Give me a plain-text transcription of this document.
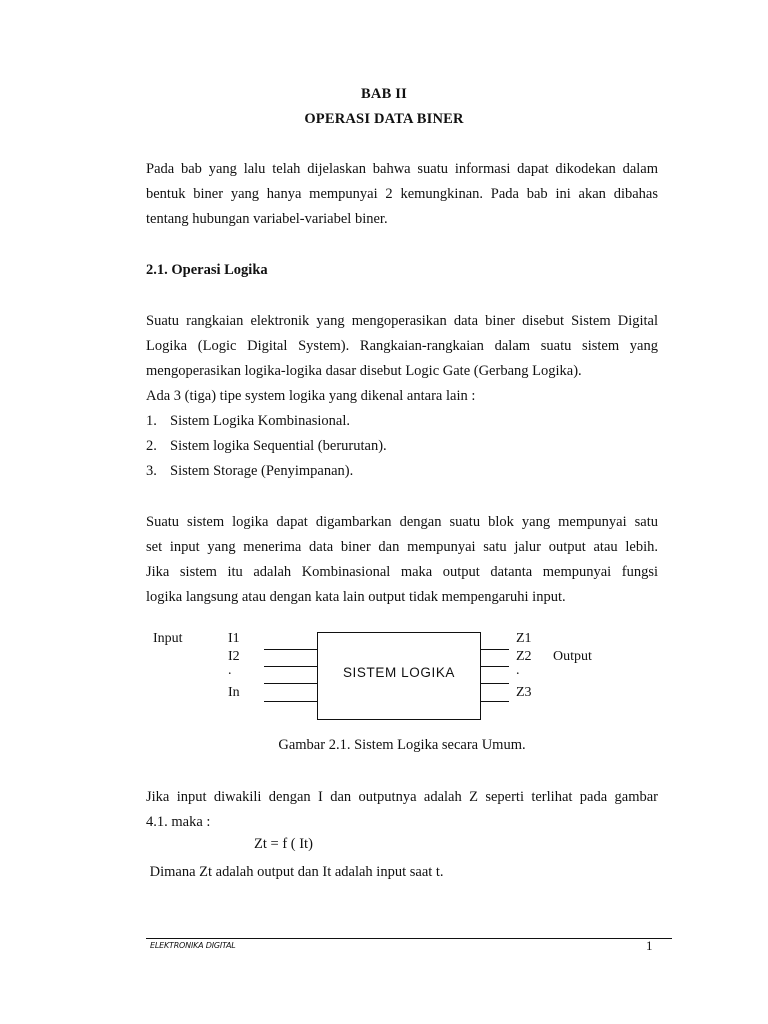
BAB II
OPERASI DATA BINER
Pada bab yang lalu telah dijelaskan bahwa suatu informasi dapat dikodekan dalam
bentuk biner yang hanya mempunyai 2 kemungkinan. Pada bab ini akan dibahas
tentang hubungan variabel-variabel biner.
2.1. Operasi Logika
Suatu rangkaian elektronik yang mengoperasikan data biner disebut Sistem Digital
Logika (Logic Digital System). Rangkaian-rangkaian dalam suatu sistem yang
mengoperasikan logika-logika dasar disebut Logic Gate (Gerbang Logika).
Ada 3 (tiga) tipe system logika yang dikenal antara lain :
1. Sistem Logika Kombinasional.
2. Sistem logika Sequential (berurutan).
3. Sistem Storage (Penyimpanan).
Suatu sistem logika dapat digambarkan dengan suatu blok yang mempunyai satu
set input yang menerima data biner dan mempunyai satu jalur output atau lebih.
Jika sistem itu adalah Kombinasional maka output datanta mempunyai fungsi
logika langsung atau dengan kata lain output tidak mempengaruhi input.
Input
Output
I1
I2
.
In
Z1
Z2
.
Z3
SISTEM LOGIKA
Gambar 2.1. Sistem Logika secara Umum.
Jika input diwakili dengan I dan outputnya adalah Z seperti terlihat pada gambar
4.1. maka :
Zt = f ( It)
Dimana Zt adalah output dan It adalah input saat t.
ELEKTRONIKA DIGITAL	1
